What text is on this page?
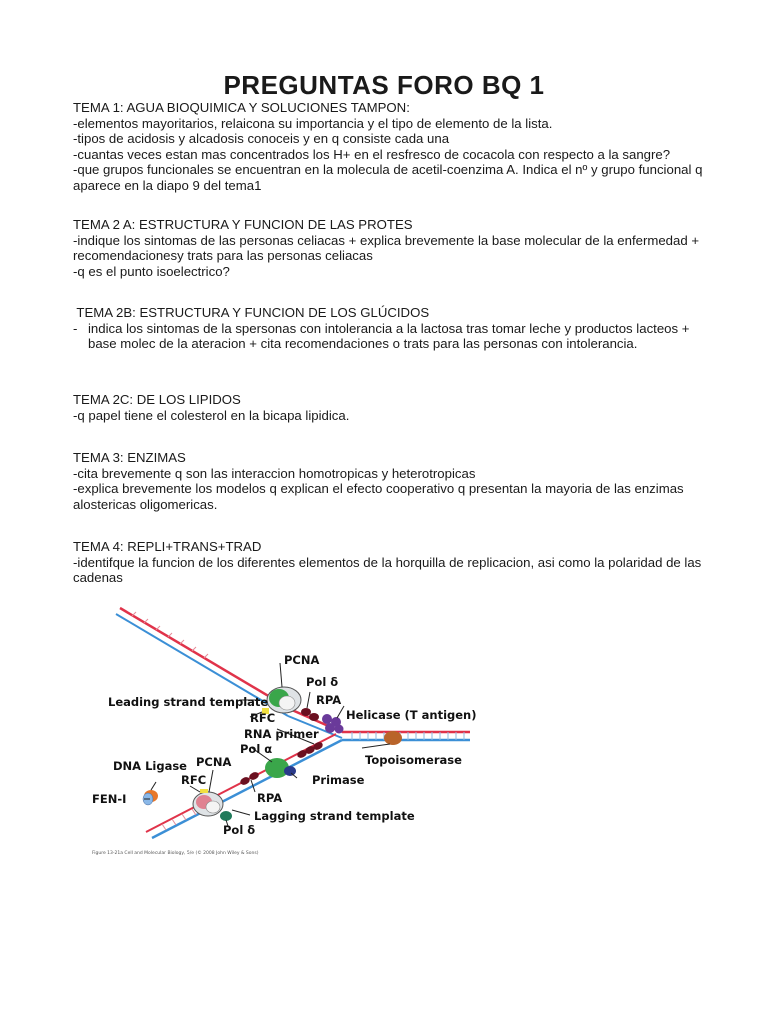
PREGUNTAS FORO BQ 1

TEMA 1: AGUA BIOQUIMICA Y SOLUCIONES TAMPON:

-elementos mayoritarios, relaicona su importancia y el tipo de elemento de la lista.

-tipos de acidosis y alcadosis conoceis y en q consiste cada una

-cuantas veces estan mas concentrados los H+ en el resfresco de cocacola con respecto a la sangre?

-que grupos funcionales se encuentran en la molecula de acetil-coenzima A. Indica el nº y grupo funcional q aparece en la diapo 9 del tema1

TEMA 2 A: ESTRUCTURA Y FUNCION DE LAS PROTES

-indique los sintomas de las personas celiacas + explica brevemente la base molecular de la enfermedad + recomendacionesy trats para las personas celiacas

-q es el punto isoelectrico?

TEMA 2B: ESTRUCTURA Y FUNCION DE LOS GLÚCIDOS

- indica los sintomas de la spersonas con intolerancia a la lactosa tras tomar leche y productos lacteos + base molec de la ateracion + cita recomendaciones o trats para las personas con intolerancia.

TEMA 2C: DE LOS LIPIDOS

-q papel tiene el colesterol en la bicapa lipidica.

TEMA 3: ENZIMAS

-cita brevemente q son las interaccion homotropicas y heterotropicas

-explica brevemente los modelos q explican el efecto cooperativo q presentan la mayoria de las enzimas alostericas oligomericas.

TEMA 4: REPLI+TRANS+TRAD

-identifque la funcion de los diferentes elementos de la horquilla de replicacion, asi como la polaridad de las cadenas

PCNA
Pol δ
Leading strand template	RPA
Helicase (T antigen)
RFC
RNA primer
Pol α
DNA Ligase PCNA	Topoisomerase
RFC	Primase
FEN-I	RPA
Lagging strand template
Pol δ
Figure 13-21a Cell and Molecular Biology, 5/e (© 2008 John Wiley & Sons)
